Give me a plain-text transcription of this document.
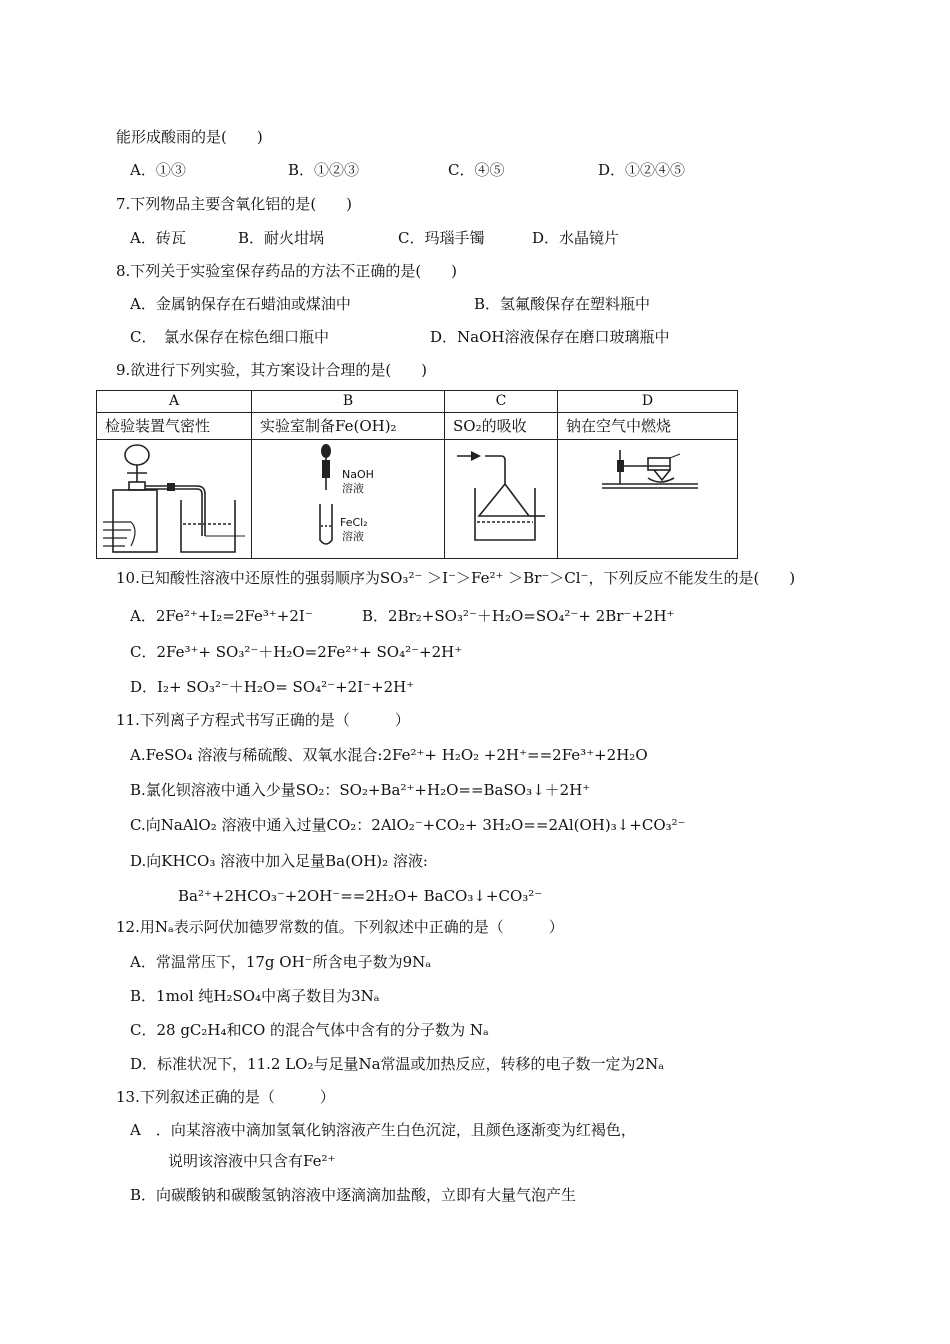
能形成酸雨的是(　　)
A．①③	B．①②③	C．④⑤	D．①②④⑤
7.下列物品主要含氧化铝的是(　　)
A．砖瓦	B．耐火坩埚	C．玛瑙手镯	D．水晶镜片
8.下列关于实验室保存药品的方法不正确的是(　　)
A．金属钠保存在石蜡油或煤油中	B．氢氟酸保存在塑料瓶中
C．　氯水保存在棕色细口瓶中	D．NaOH溶液保存在磨口玻璃瓶中
9.欲进行下列实验，其方案设计合理的是(　　)
A	B	C	D
检验装置气密性	实验室制备Fe(OH)₂	SO₂的吸收	钠在空气中燃烧

NaOH
溶液
FeCl₂
溶液

10.已知酸性溶液中还原性的强弱顺序为SO₃²⁻ ＞I⁻＞Fe²⁺ ＞Br⁻＞Cl⁻，下列反应不能发生的是(　　)
A．2Fe²⁺+I₂=2Fe³⁺+2I⁻	B．2Br₂+SO₃²⁻＋H₂O=SO₄²⁻+ 2Br⁻+2H⁺
C．2Fe³⁺+ SO₃²⁻＋H₂O=2Fe²⁺+ SO₄²⁻+2H⁺
D．I₂+ SO₃²⁻＋H₂O= SO₄²⁻+2I⁻+2H⁺
11.下列离子方程式书写正确的是（　　　）
A.FeSO₄ 溶液与稀硫酸、双氧水混合:2Fe²⁺+ H₂O₂ +2H⁺==2Fe³⁺+2H₂O
B.氯化钡溶液中通入少量SO₂：SO₂+Ba²⁺+H₂O==BaSO₃↓＋2H⁺
C.向NaAlO₂ 溶液中通入过量CO₂：2AlO₂⁻+CO₂+ 3H₂O==2Al(OH)₃↓+CO₃²⁻
D.向KHCO₃ 溶液中加入足量Ba(OH)₂ 溶液:
Ba²⁺+2HCO₃⁻+2OH⁻==2H₂O+ BaCO₃↓+CO₃²⁻
12.用Nₐ表示阿伏加德罗常数的值。下列叙述中正确的是（　　　）
A．常温常压下，17g OH⁻所含电子数为9Nₐ
B．1mol 纯H₂SO₄中离子数目为3Nₐ
C．28 gC₂H₄和CO 的混合气体中含有的分子数为 Nₐ
D．标准状况下，11.2 LO₂与足量Na常温或加热反应，转移的电子数一定为2Nₐ
13.下列叙述正确的是（　　　）
A　．向某溶液中滴加氢氧化钠溶液产生白色沉淀，且颜色逐渐变为红褐色，
说明该溶液中只含有Fe²⁺
B．向碳酸钠和碳酸氢钠溶液中逐滴滴加盐酸，立即有大量气泡产生
